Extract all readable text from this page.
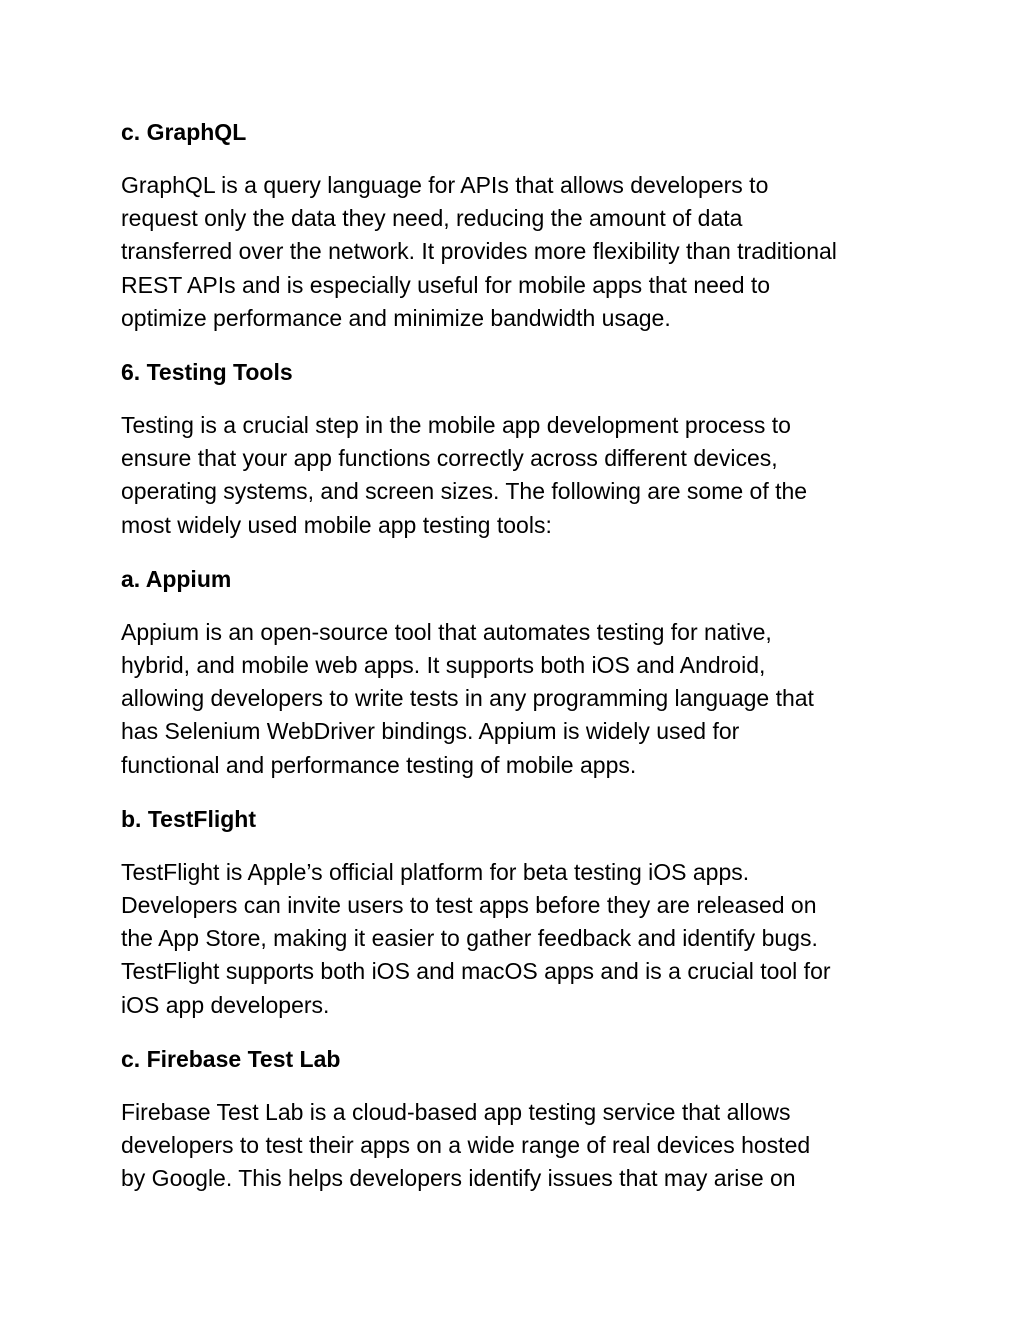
c. GraphQL
GraphQL is a query language for APIs that allows developers to
request only the data they need, reducing the amount of data
transferred over the network. It provides more flexibility than traditional
REST APIs and is especially useful for mobile apps that need to
optimize performance and minimize bandwidth usage.
6. Testing Tools
Testing is a crucial step in the mobile app development process to
ensure that your app functions correctly across different devices,
operating systems, and screen sizes. The following are some of the
most widely used mobile app testing tools:
a. Appium
Appium is an open-source tool that automates testing for native,
hybrid, and mobile web apps. It supports both iOS and Android,
allowing developers to write tests in any programming language that
has Selenium WebDriver bindings. Appium is widely used for
functional and performance testing of mobile apps.
b. TestFlight
TestFlight is Apple’s official platform for beta testing iOS apps.
Developers can invite users to test apps before they are released on
the App Store, making it easier to gather feedback and identify bugs.
TestFlight supports both iOS and macOS apps and is a crucial tool for
iOS app developers.
c. Firebase Test Lab
Firebase Test Lab is a cloud-based app testing service that allows
developers to test their apps on a wide range of real devices hosted
by Google. This helps developers identify issues that may arise on
